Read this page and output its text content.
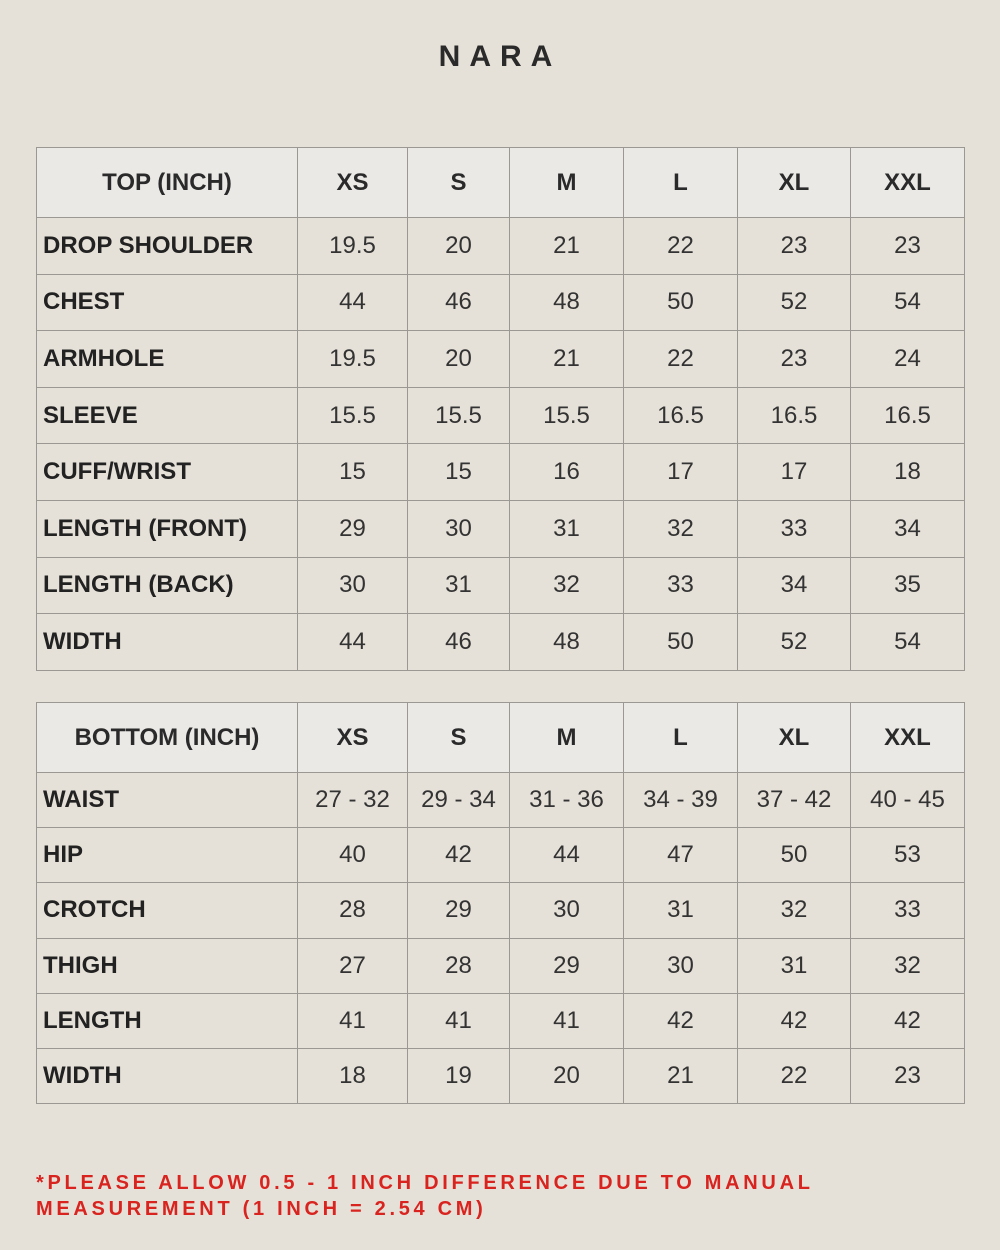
NARA
TOP (INCH)	XS	S	M	L	XL	XXL
DROP SHOULDER	19.5	20	21	22	23	23
CHEST	44	46	48	50	52	54
ARMHOLE	19.5	20	21	22	23	24
SLEEVE	15.5	15.5	15.5	16.5	16.5	16.5
CUFF/WRIST	15	15	16	17	17	18
LENGTH (FRONT)	29	30	31	32	33	34
LENGTH (BACK)	30	31	32	33	34	35
WIDTH	44	46	48	50	52	54
BOTTOM (INCH)	XS	S	M	L	XL	XXL
WAIST	27 - 32	29 - 34	31 - 36	34 - 39	37 - 42	40 - 45
HIP	40	42	44	47	50	53
CROTCH	28	29	30	31	32	33
THIGH	27	28	29	30	31	32
LENGTH	41	41	41	42	42	42
WIDTH	18	19	20	21	22	23
*PLEASE ALLOW 0.5 - 1 INCH DIFFERENCE DUE TO MANUAL
MEASUREMENT (1 INCH = 2.54 CM)
